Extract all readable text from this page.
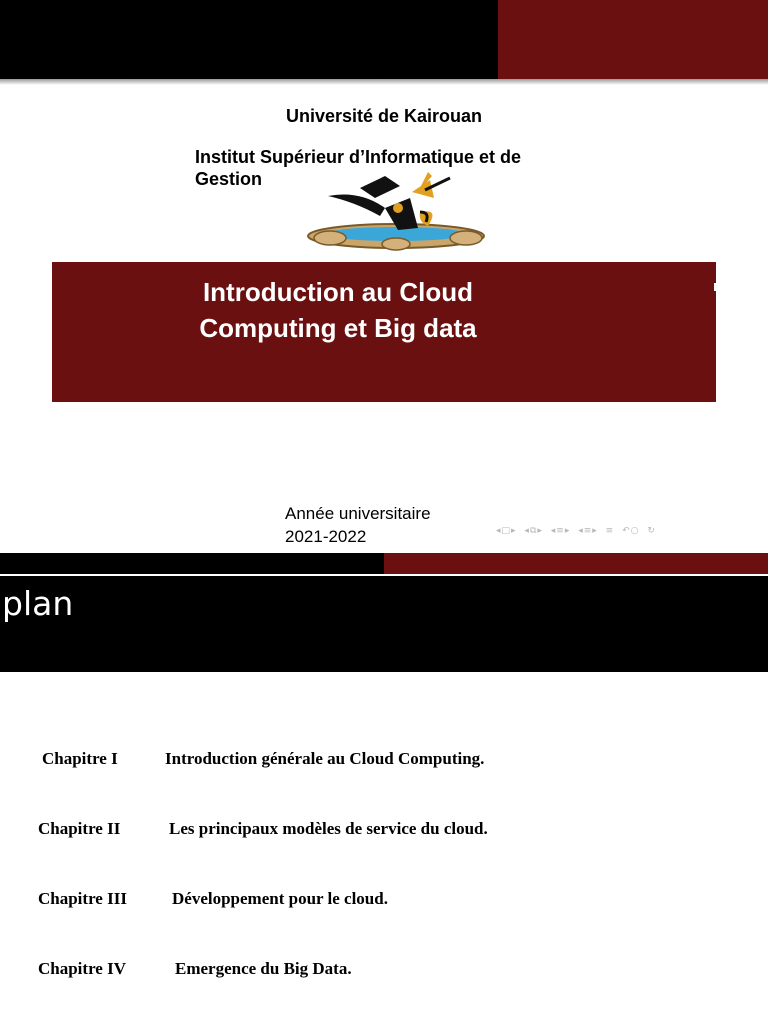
Université de Kairouan
Institut Supérieur d’Informatique et de
Gestion
Introduction au Cloud
Computing et Big data
Année universitaire
2021-2022	◂□▸ ◂⧉▸ ◂≡▸ ◂≡▸ ≡ ↶○ ↻
plan
Chapitre I	Introduction générale au Cloud Computing.
Chapitre II	Les principaux modèles de service du cloud.
Chapitre III	Développement pour le cloud.
Chapitre IV	Emergence du Big Data.
